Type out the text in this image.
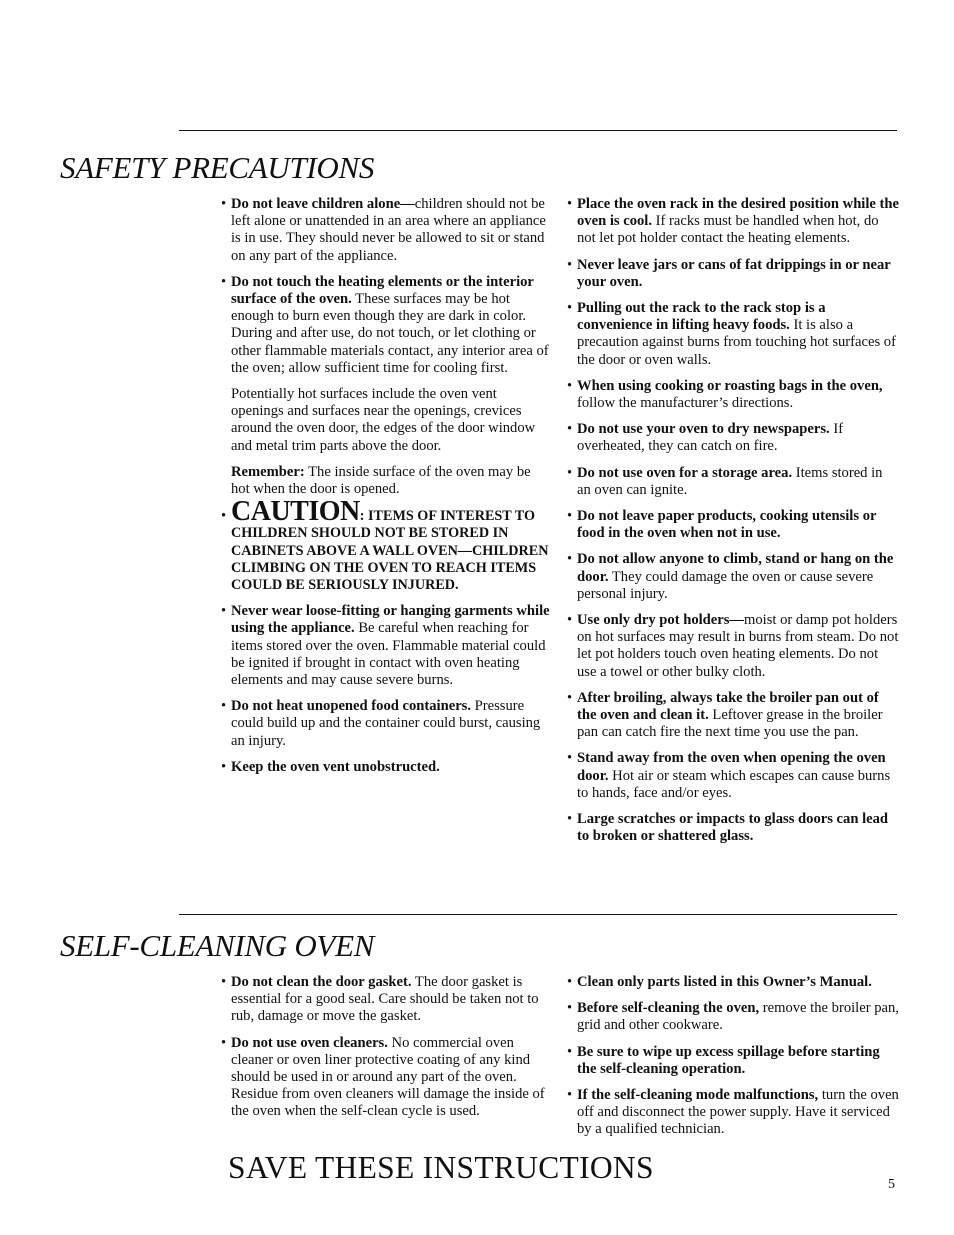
SAFETY PRECAUTIONS

• Do not leave children alone—children should not be left alone or unattended in an area where an appliance is in use. They should never be allowed to sit or stand on any part of the appliance.

• Do not touch the heating elements or the interior surface of the oven. These surfaces may be hot enough to burn even though they are dark in color. During and after use, do not touch, or let clothing or other flammable materials contact, any interior area of the oven; allow sufficient time for cooling first.

Potentially hot surfaces include the oven vent openings and surfaces near the openings, crevices around the oven door, the edges of the door window and metal trim parts above the door.

Remember: The inside surface of the oven may be hot when the door is opened.

• CAUTION: ITEMS OF INTEREST TO CHILDREN SHOULD NOT BE STORED IN CABINETS ABOVE A WALL OVEN—CHILDREN CLIMBING ON THE OVEN TO REACH ITEMS COULD BE SERIOUSLY INJURED.

• Never wear loose-fitting or hanging garments while using the appliance. Be careful when reaching for items stored over the oven. Flammable material could be ignited if brought in contact with oven heating elements and may cause severe burns.

• Do not heat unopened food containers. Pressure could build up and the container could burst, causing an injury.

• Keep the oven vent unobstructed.

• Place the oven rack in the desired position while the oven is cool. If racks must be handled when hot, do not let pot holder contact the heating elements.

• Never leave jars or cans of fat drippings in or near your oven.

• Pulling out the rack to the rack stop is a convenience in lifting heavy foods. It is also a precaution against burns from touching hot surfaces of the door or oven walls.

• When using cooking or roasting bags in the oven, follow the manufacturer’s directions.

• Do not use your oven to dry newspapers. If overheated, they can catch on fire.

• Do not use oven for a storage area. Items stored in an oven can ignite.

• Do not leave paper products, cooking utensils or food in the oven when not in use.

• Do not allow anyone to climb, stand or hang on the door. They could damage the oven or cause severe personal injury.

• Use only dry pot holders—moist or damp pot holders on hot surfaces may result in burns from steam. Do not let pot holders touch oven heating elements. Do not use a towel or other bulky cloth.

• After broiling, always take the broiler pan out of the oven and clean it. Leftover grease in the broiler pan can catch fire the next time you use the pan.

• Stand away from the oven when opening the oven door. Hot air or steam which escapes can cause burns to hands, face and/or eyes.

• Large scratches or impacts to glass doors can lead to broken or shattered glass.

SELF-CLEANING OVEN

• Do not clean the door gasket. The door gasket is essential for a good seal. Care should be taken not to rub, damage or move the gasket.

• Do not use oven cleaners. No commercial oven cleaner or oven liner protective coating of any kind should be used in or around any part of the oven. Residue from oven cleaners will damage the inside of the oven when the self-clean cycle is used.

• Clean only parts listed in this Owner’s Manual.

• Before self-cleaning the oven, remove the broiler pan, grid and other cookware.

• Be sure to wipe up excess spillage before starting the self-cleaning operation.

• If the self-cleaning mode malfunctions, turn the oven off and disconnect the power supply. Have it serviced by a qualified technician.

SAVE THESE INSTRUCTIONS	5
